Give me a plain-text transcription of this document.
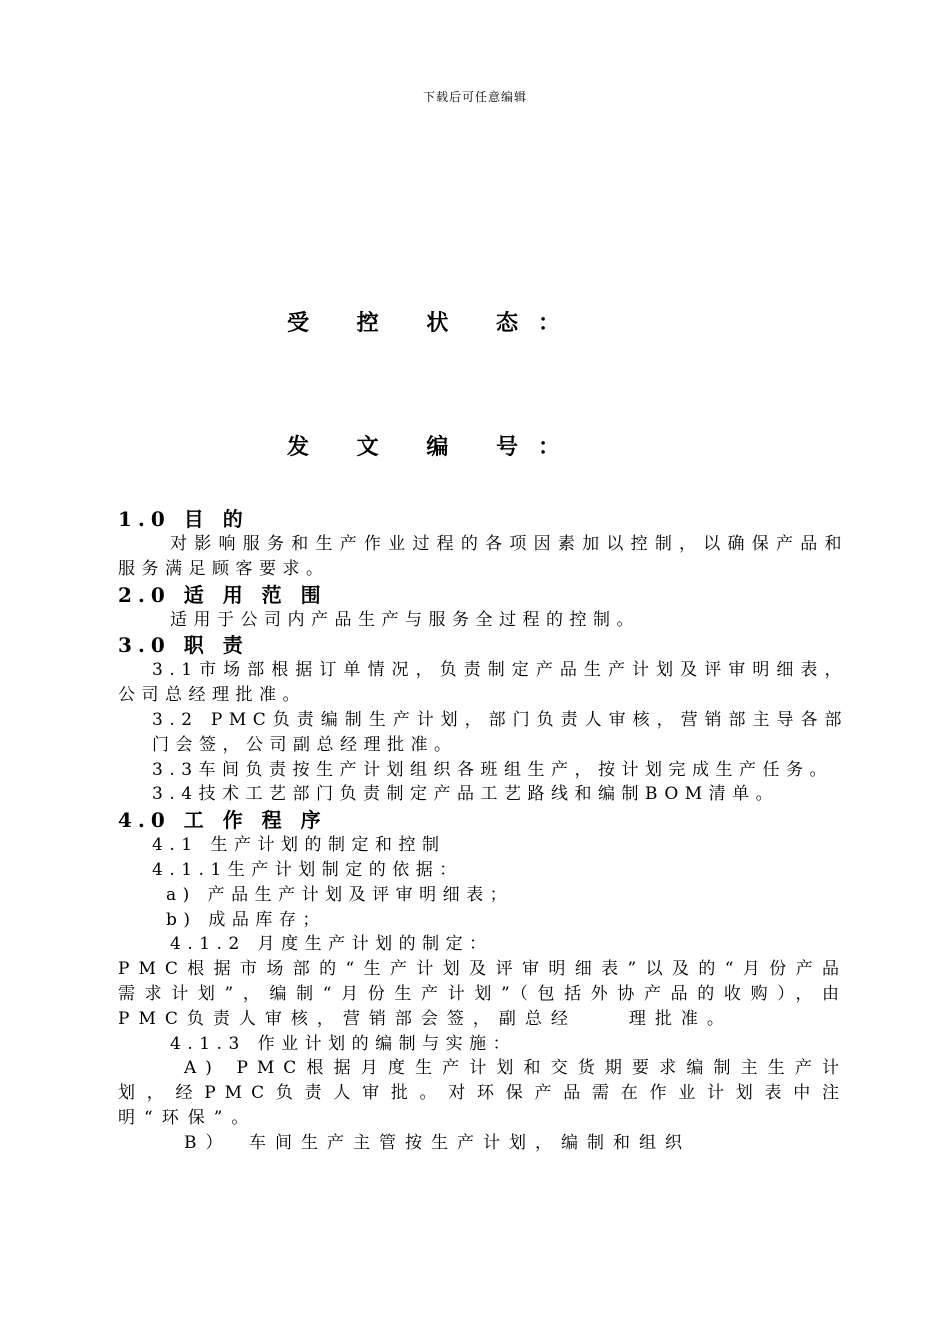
下载后可任意编辑
受 控 状 态：
发 文 编 号：
1.0 目 的
对影响服务和生产作业过程的各项因素加以控制，以确保产品和服务满足顾客要求。
2.0 适 用 范 围
适用于公司内产品生产与服务全过程的控制。
3.0 职 责
3.1市场部根据订单情况，负责制定产品生产计划及评审明细表，公司总经理批准。
3.2 PMC负责编制生产计划，部门负责人审核，营销部主导各部门会签，公司副总经理批准。
3.3车间负责按生产计划组织各班组生产，按计划完成生产任务。
3.4技术工艺部门负责制定产品工艺路线和编制BOM清单。
4.0 工 作 程 序
4.1 生产计划的制定和控制
4.1.1生产计划制定的依据：
a) 产品生产计划及评审明细表；
b) 成品库存；
4.1.2 月度生产计划的制定：
PMC根据市场部的“生产计划及评审明细表”以及的“月份产品需求计划”，编制“月份生产计划”（包括外协产品的收购），由PMC负责人审核，营销部会签，副总经　　理批准。
4.1.3 作业计划的编制与实施：
A) PMC根据月度生产计划和交货期要求编制主生产计划，经PMC负责人审批。对环保产品需在作业计划表中注明“环保”。
B）　车间生产主管按生产计划，编制和组织
